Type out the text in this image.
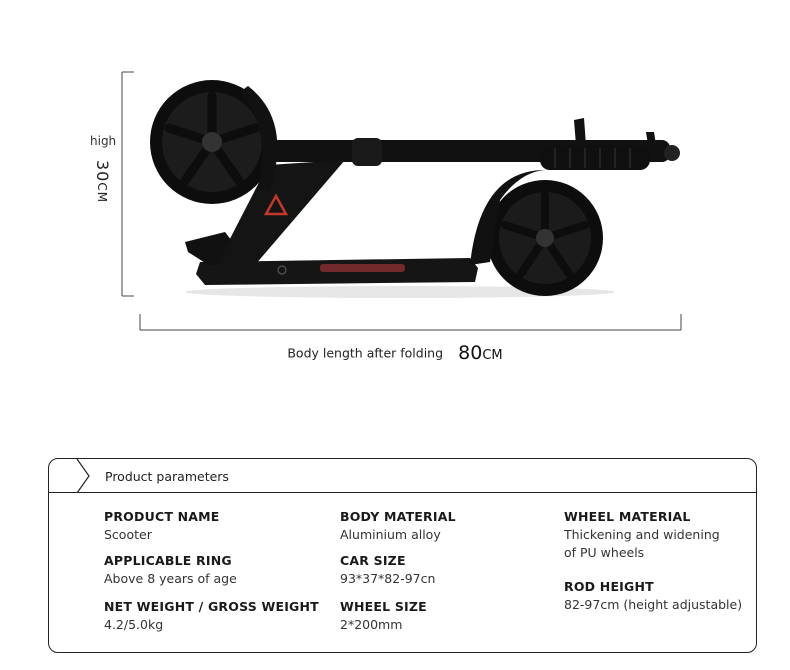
high
30CM
Body length after folding 80CM
Product parameters
PRODUCT NAME
Scooter
APPLICABLE RING
Above 8 years of age
NET WEIGHT / GROSS WEIGHT
4.2/5.0kg
BODY MATERIAL
Aluminium alloy
CAR SIZE
93*37*82-97cn
WHEEL SIZE
2*200mm
WHEEL MATERIAL
Thickening and widening
of PU wheels
ROD HEIGHT
82-97cm (height adjustable)
